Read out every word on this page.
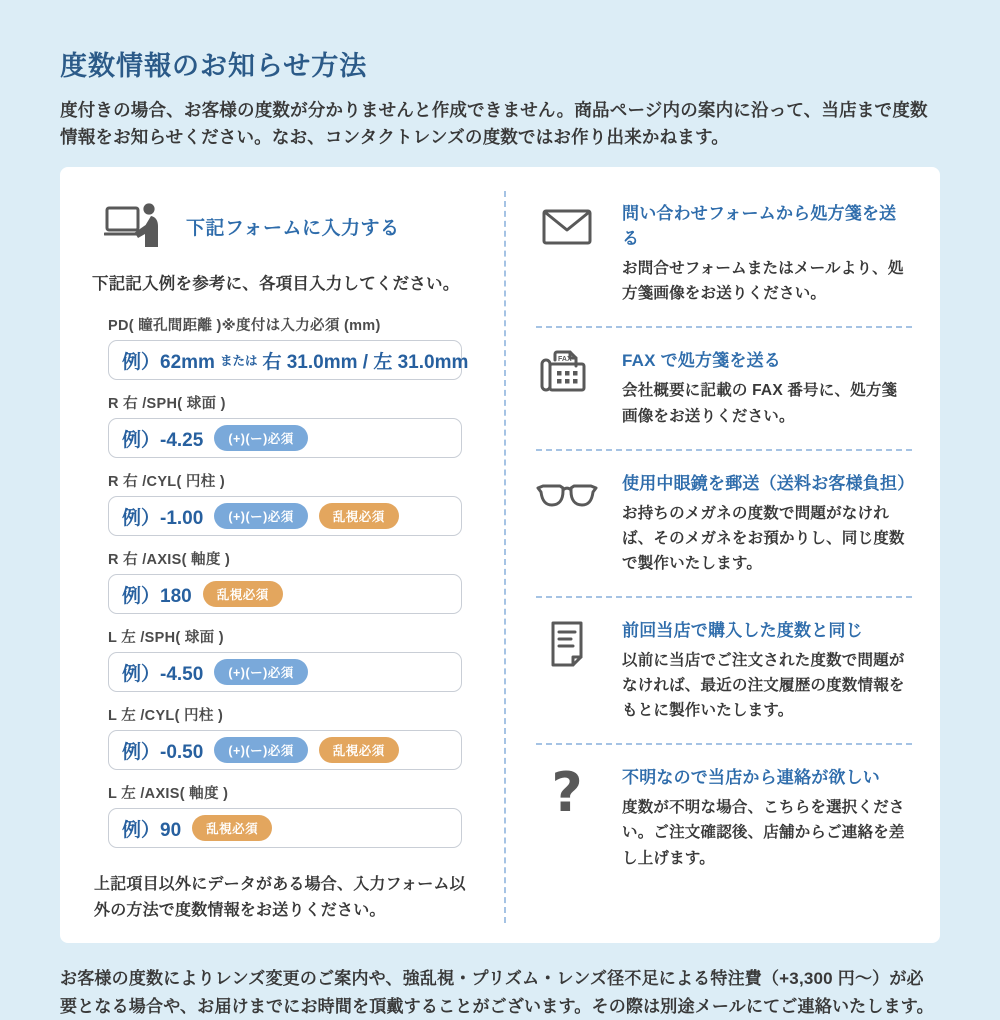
度数情報のお知らせ方法

度付きの場合、お客様の度数が分かりませんと作成できません。商品ページ内の案内に沿って、当店まで度数情報をお知らせください。なお、コンタクトレンズの度数ではお作り出来かねます。

下記フォームに入力する

下記記入例を参考に、各項目入力してください。

PD( 瞳孔間距離 )※度付は入力必須 (mm)
例）62mm または 右 31.0mm / 左 31.0mm
R 右 /SPH( 球面 )
例）-4.25	(+)(ー)必須
R 右 /CYL( 円柱 )
例）-1.00	(+)(ー)必須	乱視必須
R 右 /AXIS( 軸度 )
例）180	乱視必須
L 左 /SPH( 球面 )
例）-4.50	(+)(ー)必須
L 左 /CYL( 円柱 )
例）-0.50	(+)(ー)必須	乱視必須
L 左 /AXIS( 軸度 )
例）90	乱視必須

上記項目以外にデータがある場合、入力フォーム以外の方法で度数情報をお送りください。

問い合わせフォームから処方箋を送る
お問合せフォームまたはメールより、処方箋画像をお送りください。
FAX	FAX で処方箋を送る
会社概要に記載の FAX 番号に、処方箋画像をお送りください。
使用中眼鏡を郵送（送料お客様負担）
お持ちのメガネの度数で問題がなければ、そのメガネをお預かりし、同じ度数で製作いたします。
前回当店で購入した度数と同じ
以前に当店でご注文された度数で問題がなければ、最近の注文履歴の度数情報をもとに製作いたします。
? 不明なので当店から連絡が欲しい
度数が不明な場合、こちらを選択ください。ご注文確認後、店舗からご連絡を差し上げます。

お客様の度数によりレンズ変更のご案内や、強乱視・プリズム・レンズ径不足による特注費（+3,300 円〜）が必要となる場合や、お届けまでにお時間を頂戴することがございます。その際は別途メールにてご連絡いたします。
